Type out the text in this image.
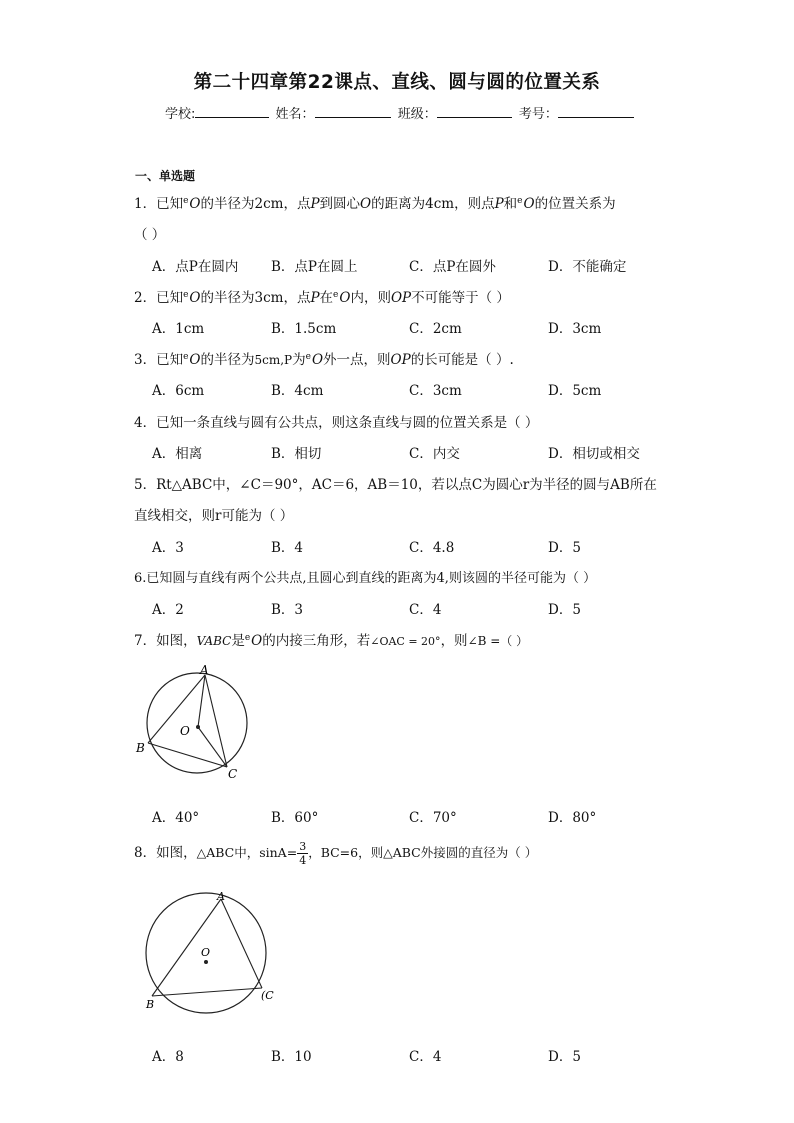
第二十四章第22课点、直线、圆与圆的位置关系
学校:	姓名：	班级：	考号：
一、单选题
1．已知$^e$O的半径为2cm，点P到圆心O的距离为4cm，则点P和$^e$O的位置关系为
（ ）
A．点P在圆内 B．点P在圆上	C．点P在圆外	D．不能确定
2．已知$^e$O的半径为3cm，点P在$^e$O内，则OP不可能等于（ ）
A．1cm	B．1.5cm	C．2cm	D．3cm
3．已知$^e$O的半径为5cm,P为$^e$O外一点，则OP的长可能是（ ）.
A．6cm	B．4cm	C．3cm	D．5cm
4．已知一条直线与圆有公共点，则这条直线与圆的位置关系是（ ）
A．相离	B．相切	C．内交	D．相切或相交
5．Rt△ABC中，∠C＝90°，AC＝6，AB＝10，若以点C为圆心r为半径的圆与AB所在
直线相交，则r可能为（ ）
A．3	B．4	C．4.8	D．5
6.已知圆与直线有两个公共点,且圆心到直线的距离为4,则该圆的半径可能为（ ）
A．2	B．3	C．4	D．5
7．如图，VABC是$^e$O的内接三角形，若∠OAC = 20°，则∠B =（ ）
A
B
C
O
A．40°	B．60°	C．70°	D．80°
8．如图，△ABC中，$\sin A= \frac{3}{4}$ ，BC=6，则△ABC外接圆的直径为（ ）
A
B
(C
O
A．8	B．10	C．4	D．5
